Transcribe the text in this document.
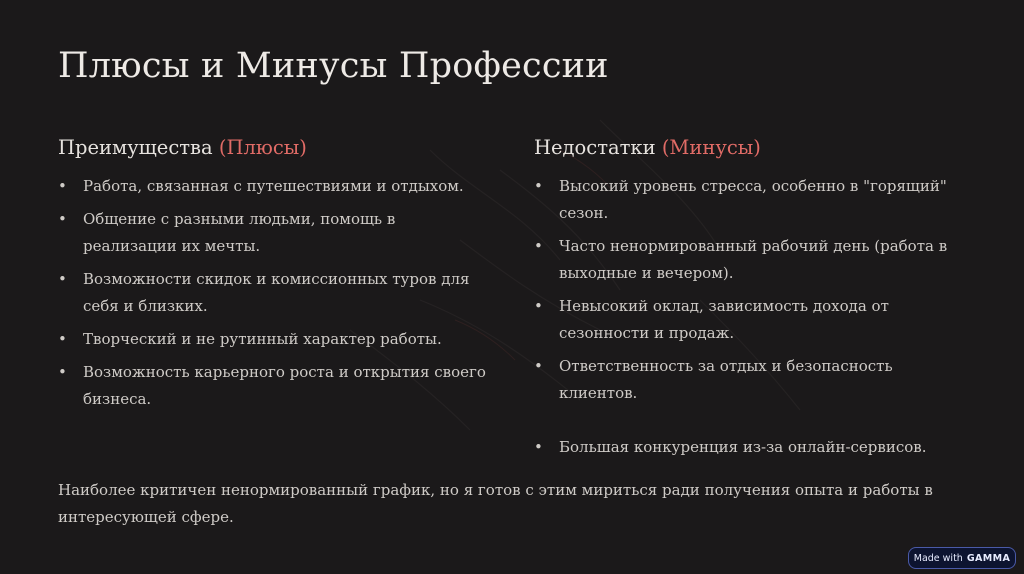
Плюсы и Минусы Профессии
Преимущества (Плюсы)
• Работа, связанная с путешествиями и отдыхом.
• Общение с разными людьми, помощь в реализации их мечты.
• Возможности скидок и комиссионных туров для себя и близких.
• Творческий и не рутинный характер работы.
• Возможность карьерного роста и открытия своего бизнеса.
Недостатки (Минусы)
• Высокий уровень стресса, особенно в "горящий" сезон.
• Часто ненормированный рабочий день (работа в выходные и вечером).
• Невысокий оклад, зависимость дохода от сезонности и продаж.
• Ответственность за отдых и безопасность клиентов.
• Большая конкуренция из-за онлайн-сервисов.

Наиболее критичен ненормированный график, но я готов с этим мириться ради получения опыта и работы в интересующей сфере.

Made with GAMMA
